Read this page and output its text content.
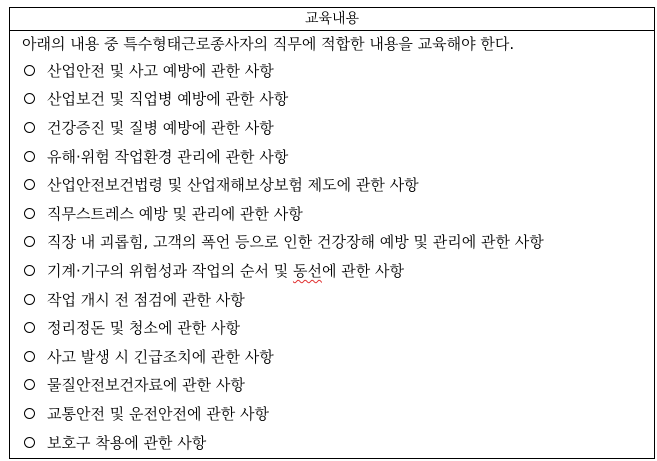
교육내용

아래의 내용 중 특수형태근로종사자의 직무에 적합한 내용을 교육해야 한다.

산업안전 및 사고 예방에 관한 사항
산업보건 및 직업병 예방에 관한 사항
건강증진 및 질병 예방에 관한 사항
유해·위험 작업환경 관리에 관한 사항
산업안전보건법령 및 산업재해보상보험 제도에 관한 사항
직무스트레스 예방 및 관리에 관한 사항
직장 내 괴롭힘, 고객의 폭언 등으로 인한 건강장해 예방 및 관리에 관한 사항
기계·기구의 위험성과 작업의 순서 및 동선에 관한 사항
작업 개시 전 점검에 관한 사항
정리정돈 및 청소에 관한 사항
사고 발생 시 긴급조치에 관한 사항
물질안전보건자료에 관한 사항
교통안전 및 운전안전에 관한 사항
보호구 착용에 관한 사항
